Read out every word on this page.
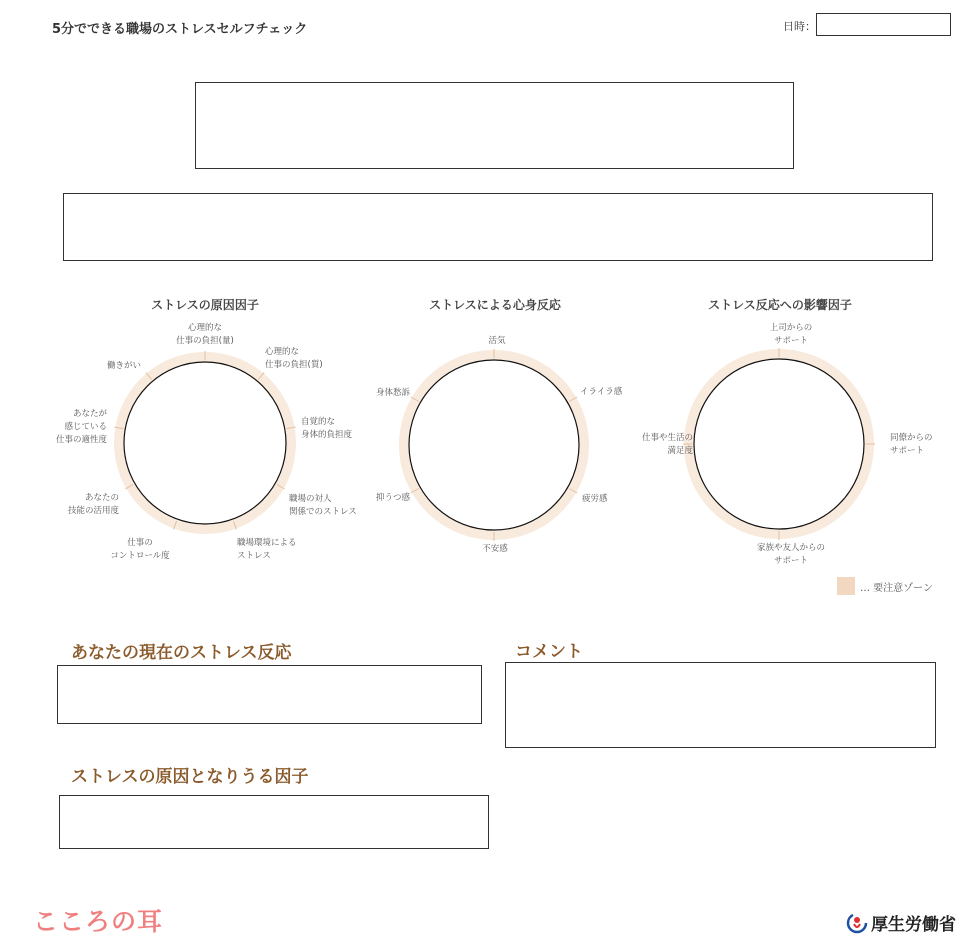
5分でできる職場のストレスセルフチェック	日時：
ストレスの原因因子
心理的な
仕事の負担(量)
心理的な
仕事の負担(質)
自覚的な
身体的負担度
職場の対人
関係でのストレス
職場環境による
ストレス
仕事の
コントロール度
あなたの
技能の活用度
あなたが
感じている
仕事の適性度
働きがい
ストレスによる心身反応
活気
イライラ感
疲労感
不安感
抑うつ感
身体愁訴
ストレス反応への影響因子
上司からの
サポート
同僚からの
サポート
家族や友人からの
サポート
仕事や生活の
満足度
… 要注意ゾーン
あなたの現在のストレス反応	コメント
ストレスの原因となりうる因子
こころの耳	厚生労働省
